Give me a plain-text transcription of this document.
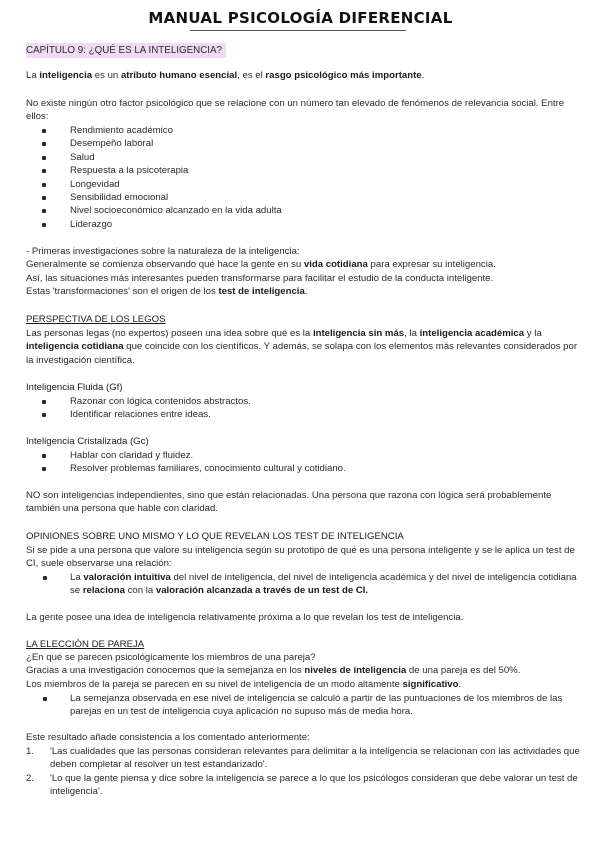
MANUAL PSICOLOGÍA DIFERENCIAL
CAPÍTULO 9: ¿QUÉ ES LA INTELIGENCIA?

La inteligencia es un atributo humano esencial, es el rasgo psicológico más importante.

No existe ningún otro factor psicológico que se relacione con un número tan elevado de fenómenos de relevancia social. Entre ellos:

Rendimiento académico
Desempeño laboral
Salud
Respuesta a la psicoterapia
Longevidad
Sensibilidad emocional
Nivel socioeconómico alcanzado en la vida adulta
Liderazgo

- Primeras investigaciones sobre la naturaleza de la inteligencia:

Generalmente se comienza observando qué hace la gente en su vida cotidiana para expresar su inteligencia.

Así, las situaciones más interesantes pueden transformarse para facilitar el estudio de la conducta inteligente.

Estas 'transformaciones' son el origen de los test de inteligencia.

PERSPECTIVA DE LOS LEGOS

Las personas legas (no expertos) poseen una idea sobre qué es la inteligencia sin más, la inteligencia académica y la inteligencia cotidiana que coincide con los científicos. Y además, se solapa con los elementos más relevantes considerados por la investigación científica.

Inteligencia Fluida (Gf)

Razonar con lógica contenidos abstractos.
Identificar relaciones entre ideas.

Inteligencia Cristalizada (Gc)

Hablar con claridad y fluidez.
Resolver problemas familiares, conocimiento cultural y cotidiano.

NO son inteligencias independientes, sino que están relacionadas. Una persona que razona con lógica será probablemente también una persona que hable con claridad.

OPINIONES SOBRE UNO MISMO Y LO QUE REVELAN LOS TEST DE INTELIGENCIA

Si se pide a una persona que valore su inteligencia según su prototipo de qué es una persona inteligente y se le aplica un test de CI, suele observarse una relación:

La valoración intuitiva del nivel de inteligencia, del nivel de inteligencia académica y del nivel de inteligencia cotidiana se relaciona con la valoración alcanzada a través de un test de CI.

La gente posee una idea de inteligencia relativamente próxima a lo que revelan los test de inteligencia.

LA ELECCIÓN DE PAREJA

¿En qué se parecen psicológicamente los miembros de una pareja?

Gracias a una investigación conocemos que la semejanza en los niveles de inteligencia de una pareja es del 50%.

Los miembros de la pareja se parecen en su nivel de inteligencia de un modo altamente significativo.

La semejanza observada en ese nivel de inteligencia se calculó a partir de las puntuaciones de los miembros de las parejas en un test de inteligencia cuya aplicación no supuso más de media hora.

Este resultado añade consistencia a los comentado anteriormente:

1. 'Las cualidades que las personas consideran relevantes para delimitar a la inteligencia se relacionan con las actividades que deben completar al resolver un test estandarizado'.
2. 'Lo que la gente piensa y dice sobre la inteligencia se parece a lo que los psicólogos consideran que debe valorar un test de inteligencia'.
